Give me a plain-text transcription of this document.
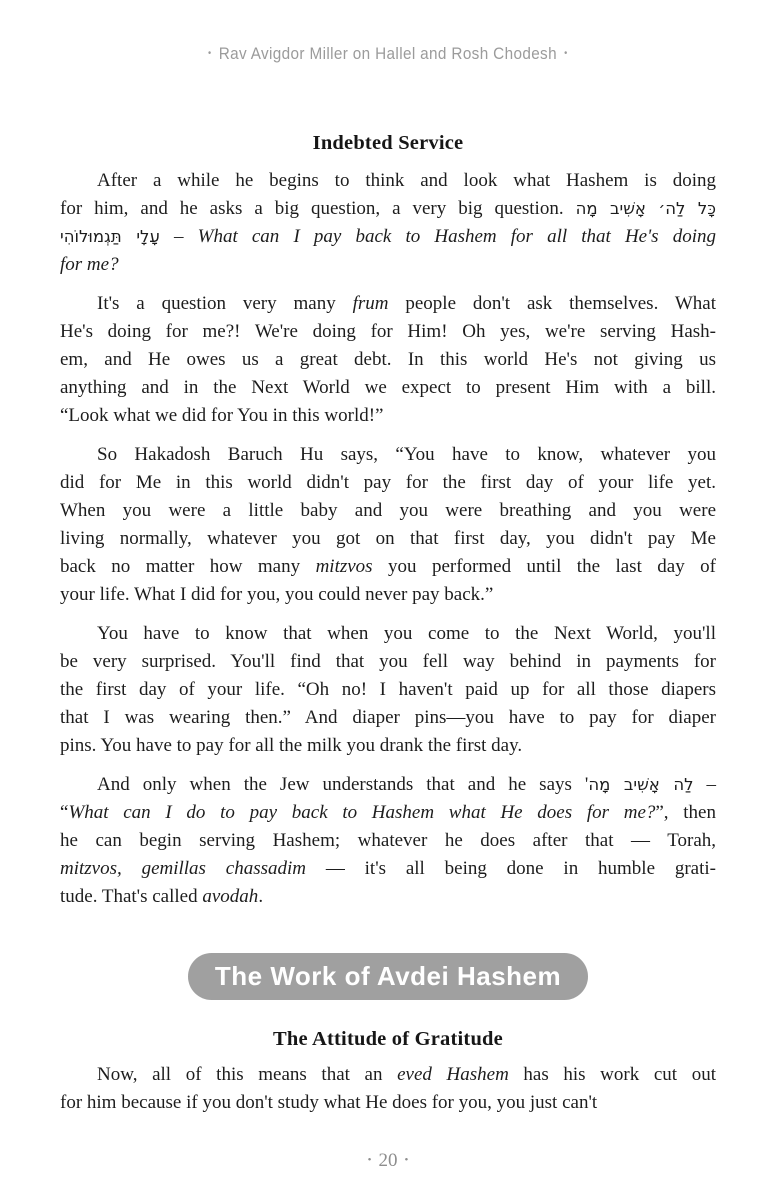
• Rav Avigdor Miller on Hallel and Rosh Chodesh •
Indebted Service
After a while he begins to think and look what Hashem is doing
for him, and he asks a big question, a very big question. כָּל לַה׳ אָשִׁיב מָה
עָלָי תַּגְמוּלוֹהִי – What can I pay back to Hashem for all that He's doing
for me?
It's a question very many frum people don't ask themselves. What
He's doing for me?! We're doing for Him! Oh yes, we're serving Hash-
em, and He owes us a great debt. In this world He's not giving us
anything and in the Next World we expect to present Him with a bill.
“Look what we did for You in this world!”
So Hakadosh Baruch Hu says, “You have to know, whatever you
did for Me in this world didn't pay for the first day of your life yet.
When you were a little baby and you were breathing and you were
living normally, whatever you got on that first day, you didn't pay Me
back no matter how many mitzvos you performed until the last day of
your life. What I did for you, you could never pay back.”
You have to know that when you come to the Next World, you'll
be very surprised. You'll find that you fell way behind in payments for
the first day of your life. “Oh no! I haven't paid up for all those diapers
that I was wearing then.” And diaper pins—you have to pay for diaper
pins. You have to pay for all the milk you drank the first day.
And only when the Jew understands that and he says 'לַה אָשִׁיב מָה –
“What can I do to pay back to Hashem what He does for me?”, then
he can begin serving Hashem; whatever he does after that — Torah,
mitzvos, gemillas chassadim — it's all being done in humble grati-
tude. That's called avodah.
The Work of Avdei Hashem
The Attitude of Gratitude
Now, all of this means that an eved Hashem has his work cut out
for him because if you don't study what He does for you, you just can't
• 20 •
